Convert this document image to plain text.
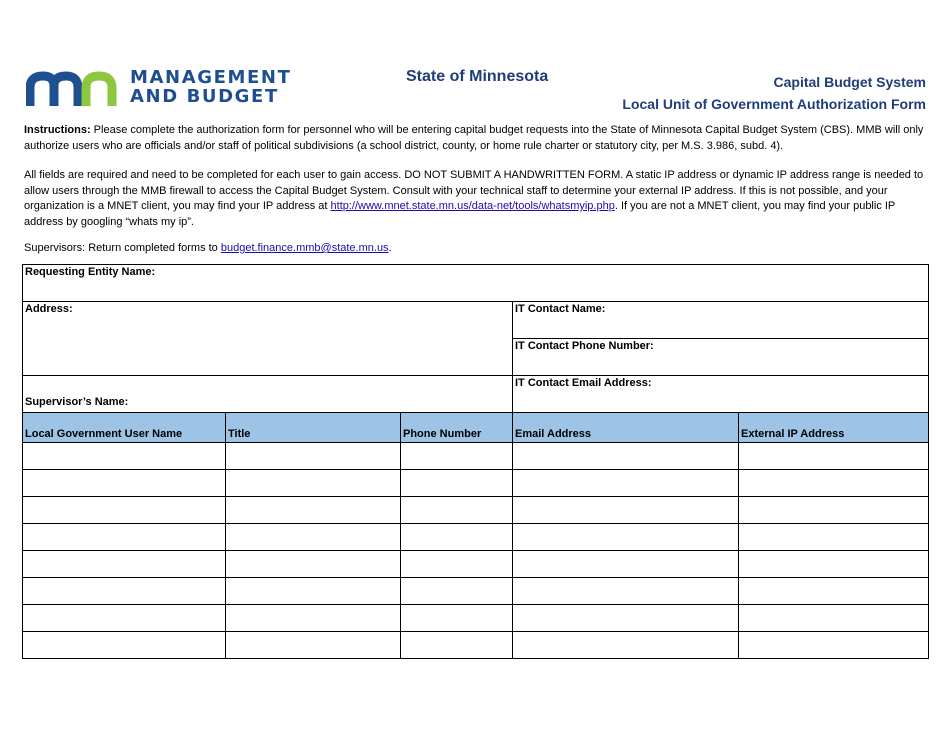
MANAGEMENT
AND BUDGET
State of Minnesota	Capital Budget System
Local Unit of Government Authorization Form
Instructions: Please complete the authorization form for personnel who will be entering capital budget requests into the State of Minnesota Capital Budget System (CBS). MMB will only authorize users who are officials and/or staff of political subdivisions (a school district, county, or home rule charter or statutory city, per M.S. 3.986, subd. 4).
All fields are required and need to be completed for each user to gain access. DO NOT SUBMIT A HANDWRITTEN FORM. A static IP address or dynamic IP address range is needed to allow users through the MMB firewall to access the Capital Budget System. Consult with your technical staff to determine your external IP address. If this is not possible, and your organization is a MNET client, you may find your IP address at http://www.mnet.state.mn.us/data-net/tools/whatsmyip.php. If you are not a MNET client, you may find your public IP address by googling “whats my ip”.
Supervisors: Return completed forms to budget.finance.mmb@state.mn.us.
Requesting Entity Name:				
Address:			IT Contact Name:	
			IT Contact Phone Number:	
Supervisor’s Name:			IT Contact Email Address:	
Local Government User Name	Title	Phone Number	Email Address	External IP Address
